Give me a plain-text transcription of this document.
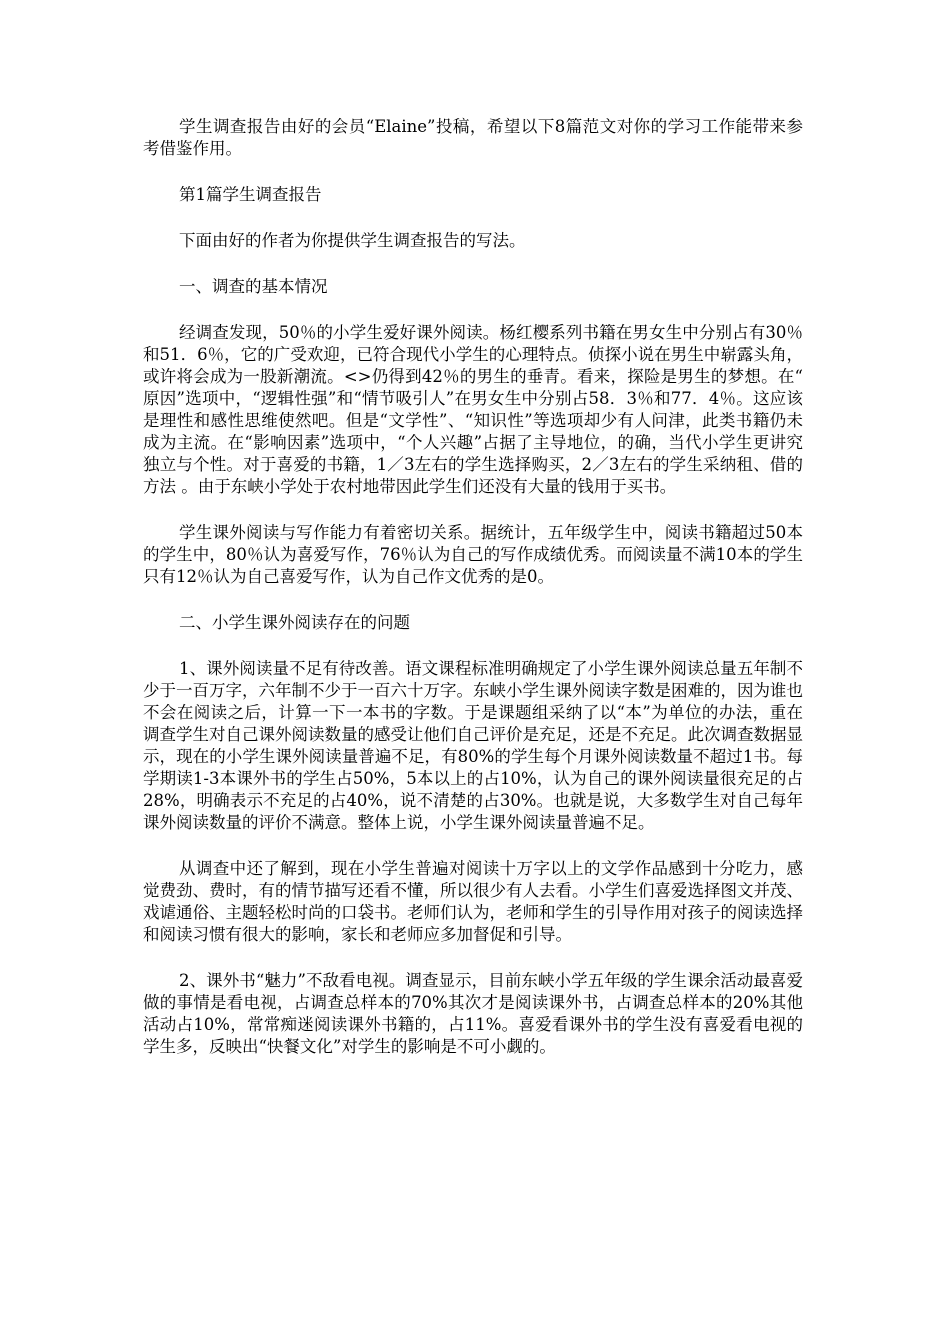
学生调查报告由好的会员“Elaine”投稿，希望以下8篇范文对你的学习工作能带来参考借鉴作用。

第1篇学生调查报告

下面由好的作者为你提供学生调查报告的写法。

一、调查的基本情况

经调查发现，50％的小学生爱好课外阅读。杨红樱系列书籍在男女生中分别占有30％和51．6％，它的广受欢迎，已符合现代小学生的心理特点。侦探小说在男生中崭露头角，或许将会成为一股新潮流。<>仍得到42％的男生的垂青。看来，探险是男生的梦想。在“原因”选项中，“逻辑性强”和“情节吸引人”在男女生中分别占58．3％和77．4％。这应该是理性和感性思维使然吧。但是“文学性”、“知识性”等选项却少有人问津，此类书籍仍未成为主流。在“影响因素”选项中，“个人兴趣”占据了主导地位，的确，当代小学生更讲究独立与个性。对于喜爱的书籍，1／3左右的学生选择购买，2／3左右的学生采纳租、借的方法 。由于东峡小学处于农村地带因此学生们还没有大量的钱用于买书。

学生课外阅读与写作能力有着密切关系。据统计，五年级学生中，阅读书籍超过50本的学生中，80％认为喜爱写作，76％认为自己的写作成绩优秀。而阅读量不满10本的学生只有12％认为自己喜爱写作，认为自己作文优秀的是0。

二、小学生课外阅读存在的问题

1、课外阅读量不足有待改善。语文课程标准明确规定了小学生课外阅读总量五年制不少于一百万字，六年制不少于一百六十万字。东峡小学生课外阅读字数是困难的，因为谁也不会在阅读之后，计算一下一本书的字数。于是课题组采纳了以“本”为单位的办法，重在调查学生对自己课外阅读数量的感受让他们自己评价是充足，还是不充足。此次调查数据显示，现在的小学生课外阅读量普遍不足，有80%的学生每个月课外阅读数量不超过1书。每学期读1-3本课外书的学生占50%，5本以上的占10%，认为自己的课外阅读量很充足的占28%，明确表示不充足的占40%，说不清楚的占30%。也就是说，大多数学生对自己每年课外阅读数量的评价不满意。整体上说，小学生课外阅读量普遍不足。

从调查中还了解到，现在小学生普遍对阅读十万字以上的文学作品感到十分吃力，感觉费劲、费时，有的情节描写还看不懂，所以很少有人去看。小学生们喜爱选择图文并茂、戏谑通俗、主题轻松时尚的口袋书。老师们认为，老师和学生的引导作用对孩子的阅读选择和阅读习惯有很大的影响，家长和老师应多加督促和引导。

2、课外书“魅力”不敌看电视。调查显示，目前东峡小学五年级的学生课余活动最喜爱做的事情是看电视，占调查总样本的70%其次才是阅读课外书，占调查总样本的20%其他活动占10%，常常痴迷阅读课外书籍的，占11%。喜爱看课外书的学生没有喜爱看电视的学生多，反映出“快餐文化”对学生的影响是不可小觑的。
